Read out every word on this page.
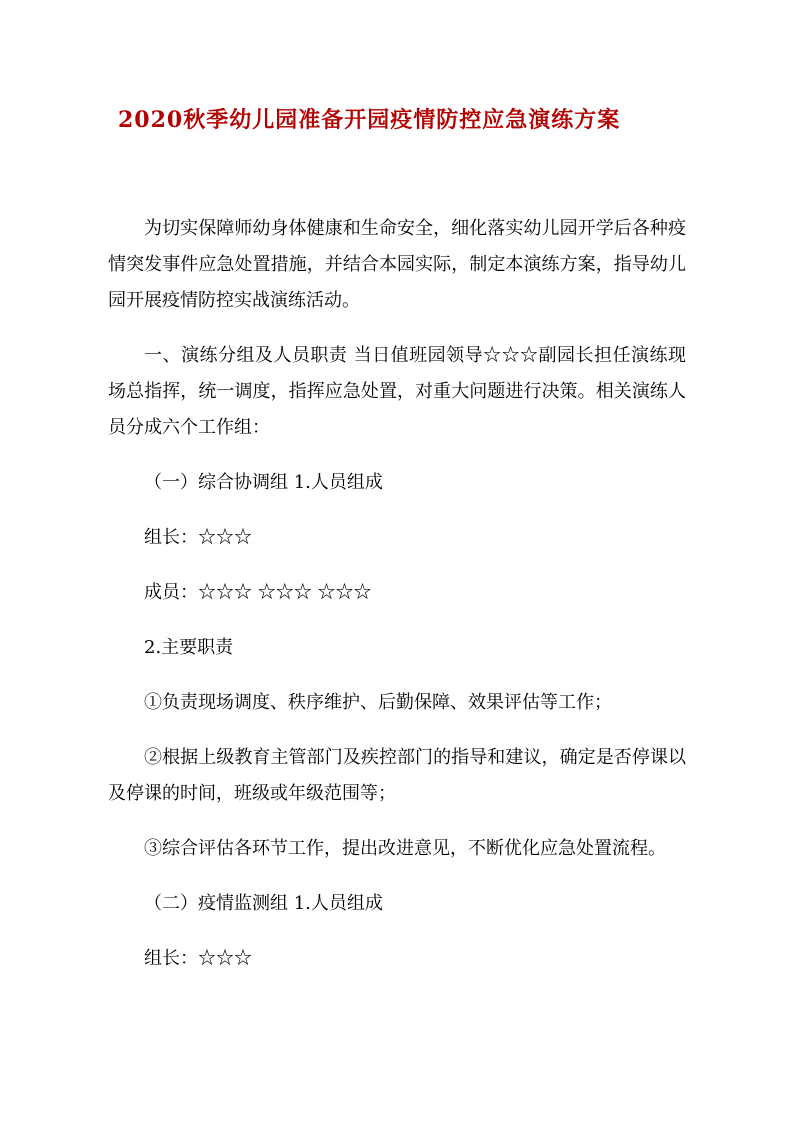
2020秋季幼儿园准备开园疫情防控应急演练方案

为切实保障师幼身体健康和生命安全，细化落实幼儿园开学后各种疫情突发事件应急处置措施，并结合本园实际，制定本演练方案，指导幼儿园开展疫情防控实战演练活动。

一、演练分组及人员职责 当日值班园领导☆☆☆副园长担任演练现场总指挥，统一调度，指挥应急处置，对重大问题进行决策。相关演练人员分成六个工作组：

（一）综合协调组 1.人员组成

组长：☆☆☆

成员：☆☆☆ ☆☆☆ ☆☆☆

2.主要职责

①负责现场调度、秩序维护、后勤保障、效果评估等工作；

②根据上级教育主管部门及疾控部门的指导和建议，确定是否停课以及停课的时间，班级或年级范围等；

③综合评估各环节工作，提出改进意见，不断优化应急处置流程。

（二）疫情监测组 1.人员组成

组长：☆☆☆
